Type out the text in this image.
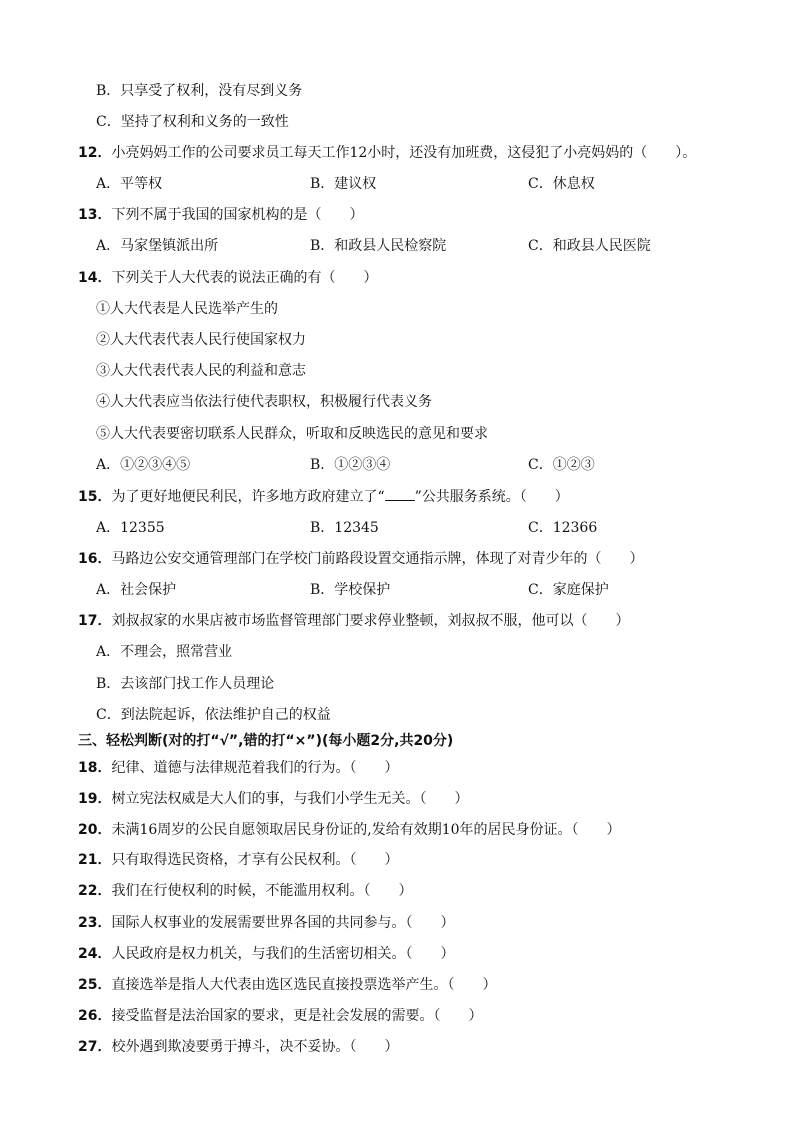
B．只享受了权利，没有尽到义务
C．坚持了权利和义务的一致性
12．小亮妈妈工作的公司要求员工每天工作12小时，还没有加班费，这侵犯了小亮妈妈的（　　）。
A．平等权	B．建议权	C．休息权
13．下列不属于我国的国家机构的是（　　）
A．马家堡镇派出所	B．和政县人民检察院	C．和政县人民医院
14．下列关于人大代表的说法正确的有（　　）
①人大代表是人民选举产生的
②人大代表代表人民行使国家权力
③人大代表代表人民的利益和意志
④人大代表应当依法行使代表职权，积极履行代表义务
⑤人大代表要密切联系人民群众，听取和反映选民的意见和要求
A．①②③④⑤	B．①②③④	C．①②③
15．为了更好地便民利民，许多地方政府建立了“ ”公共服务系统。（　　）
A．12355	B．12345	C．12366
16．马路边公安交通管理部门在学校门前路段设置交通指示牌，体现了对青少年的（　　）
A．社会保护	B．学校保护	C．家庭保护
17．刘叔叔家的水果店被市场监督管理部门要求停业整顿，刘叔叔不服，他可以（　　）
A．不理会，照常营业
B．去该部门找工作人员理论
C．到法院起诉，依法维护自己的权益
三、轻松判断(对的打“√”,错的打“×”)(每小题2分,共20分)
18．纪律、道德与法律规范着我们的行为。（　　）
19．树立宪法权威是大人们的事，与我们小学生无关。（　　）
20．未满16周岁的公民自愿领取居民身份证的,发给有效期10年的居民身份证。（　　）
21．只有取得选民资格，才享有公民权利。（　　）
22．我们在行使权利的时候，不能滥用权利。（　　）
23．国际人权事业的发展需要世界各国的共同参与。（　　）
24．人民政府是权力机关，与我们的生活密切相关。（　　）
25．直接选举是指人大代表由选区选民直接投票选举产生。（　　）
26．接受监督是法治国家的要求，更是社会发展的需要。（　　）
27．校外遇到欺凌要勇于搏斗，决不妥协。（　　）
